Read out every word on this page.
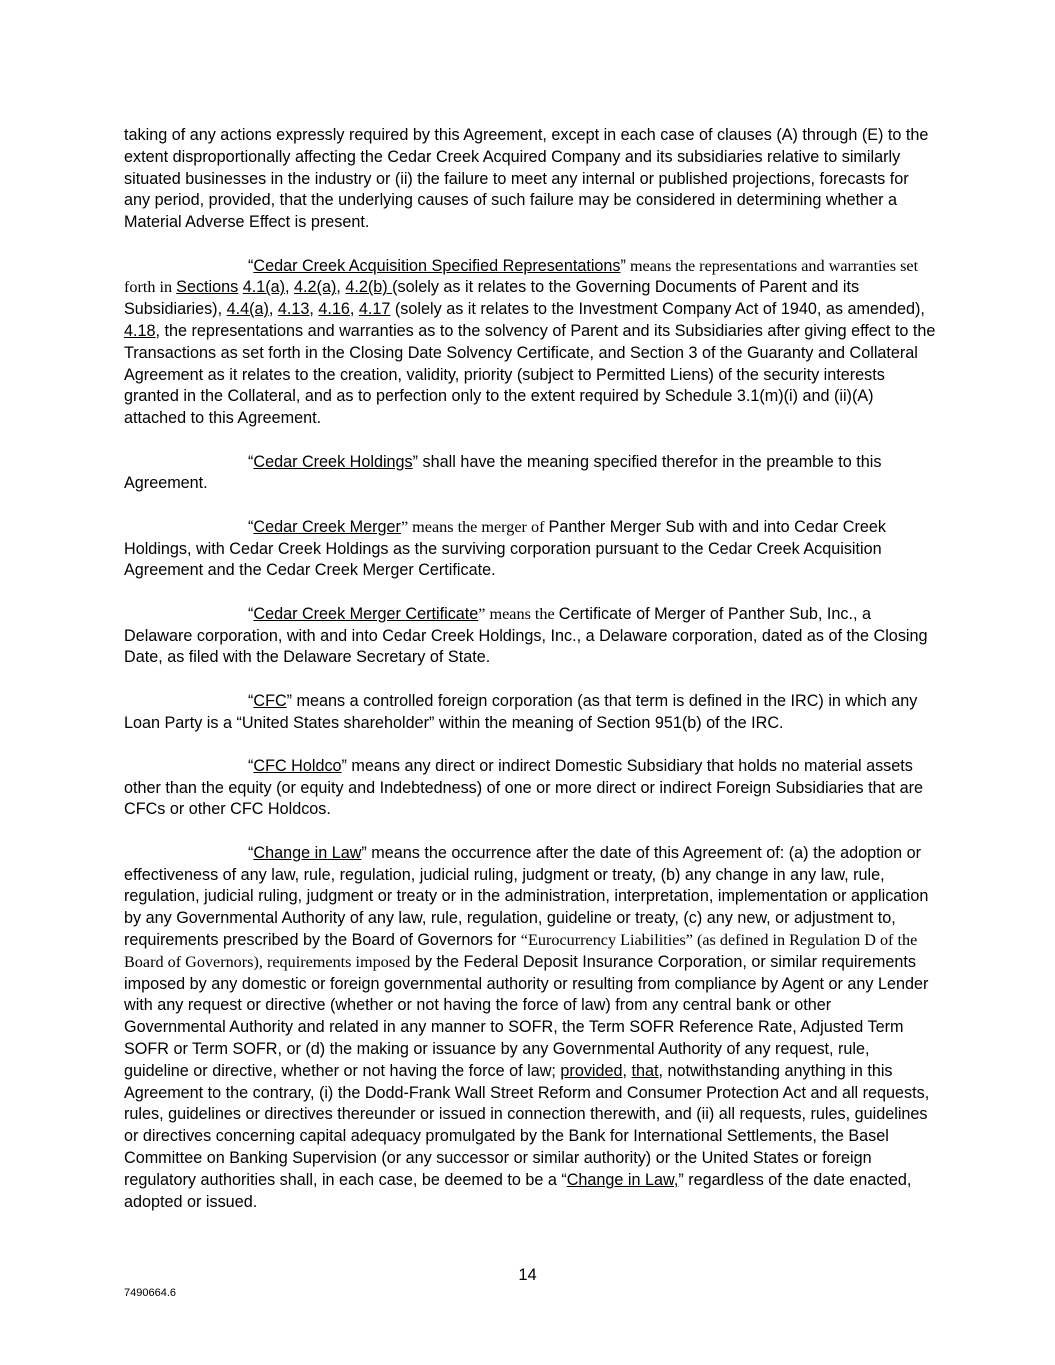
taking of any actions expressly required by this Agreement, except in each case of clauses (A) through (E) to the extent disproportionally affecting the Cedar Creek Acquired Company and its subsidiaries relative to similarly situated businesses in the industry or (ii) the failure to meet any internal or published projections, forecasts for any period, provided, that the underlying causes of such failure may be considered in determining whether a Material Adverse Effect is present.

“Cedar Creek Acquisition Specified Representations” means the representations and warranties set forth in Sections 4.1(a), 4.2(a), 4.2(b) (solely as it relates to the Governing Documents of Parent and its Subsidiaries), 4.4(a), 4.13, 4.16, 4.17 (solely as it relates to the Investment Company Act of 1940, as amended), 4.18, the representations and warranties as to the solvency of Parent and its Subsidiaries after giving effect to the Transactions as set forth in the Closing Date Solvency Certificate, and Section 3 of the Guaranty and Collateral Agreement as it relates to the creation, validity, priority (subject to Permitted Liens) of the security interests granted in the Collateral, and as to perfection only to the extent required by Schedule 3.1(m)(i) and (ii)(A) attached to this Agreement.

“Cedar Creek Holdings” shall have the meaning specified therefor in the preamble to this Agreement.

“Cedar Creek Merger” means the merger of Panther Merger Sub with and into Cedar Creek Holdings, with Cedar Creek Holdings as the surviving corporation pursuant to the Cedar Creek Acquisition Agreement and the Cedar Creek Merger Certificate.

“Cedar Creek Merger Certificate” means the Certificate of Merger of Panther Sub, Inc., a Delaware corporation, with and into Cedar Creek Holdings, Inc., a Delaware corporation, dated as of the Closing Date, as filed with the Delaware Secretary of State.

“CFC” means a controlled foreign corporation (as that term is defined in the IRC) in which any Loan Party is a “United States shareholder” within the meaning of Section 951(b) of the IRC.

“CFC Holdco” means any direct or indirect Domestic Subsidiary that holds no material assets other than the equity (or equity and Indebtedness) of one or more direct or indirect Foreign Subsidiaries that are CFCs or other CFC Holdcos.

“Change in Law” means the occurrence after the date of this Agreement of: (a) the adoption or effectiveness of any law, rule, regulation, judicial ruling, judgment or treaty, (b) any change in any law, rule, regulation, judicial ruling, judgment or treaty or in the administration, interpretation, implementation or application by any Governmental Authority of any law, rule, regulation, guideline or treaty, (c) any new, or adjustment to, requirements prescribed by the Board of Governors for “Eurocurrency Liabilities” (as defined in Regulation D of the Board of Governors), requirements imposed by the Federal Deposit Insurance Corporation, or similar requirements imposed by any domestic or foreign governmental authority or resulting from compliance by Agent or any Lender with any request or directive (whether or not having the force of law) from any central bank or other Governmental Authority and related in any manner to SOFR, the Term SOFR Reference Rate, Adjusted Term SOFR or Term SOFR, or (d) the making or issuance by any Governmental Authority of any request, rule, guideline or directive, whether or not having the force of law; provided, that, notwithstanding anything in this Agreement to the contrary, (i) the Dodd-Frank Wall Street Reform and Consumer Protection Act and all requests, rules, guidelines or directives thereunder or issued in connection therewith, and (ii) all requests, rules, guidelines or directives concerning capital adequacy promulgated by the Bank for International Settlements, the Basel Committee on Banking Supervision (or any successor or similar authority) or the United States or foreign regulatory authorities shall, in each case, be deemed to be a “Change in Law,” regardless of the date enacted, adopted or issued.

14
7490664.6
